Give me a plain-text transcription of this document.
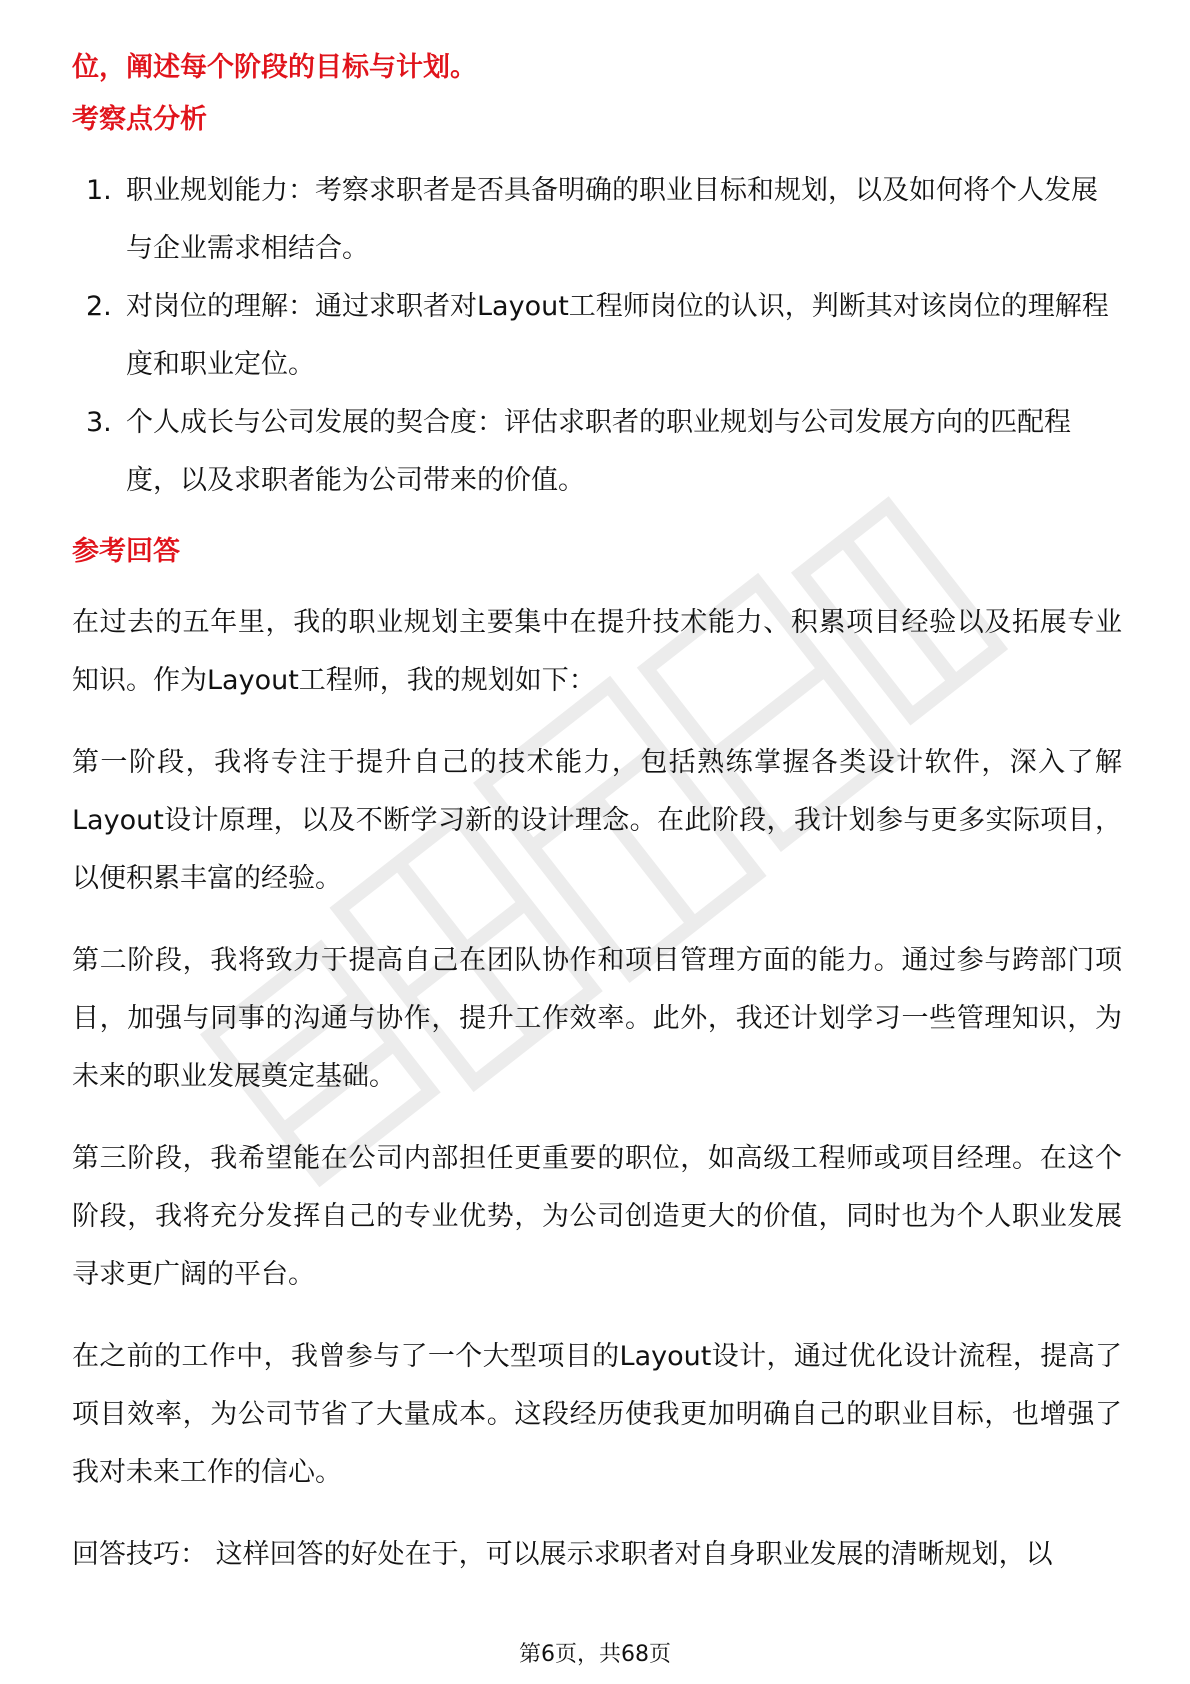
位，阐述每个阶段的目标与计划。

考察点分析

1. 职业规划能力：考察求职者是否具备明确的职业目标和规划，以及如何将个人发展与企业需求相结合。
2. 对岗位的理解：通过求职者对Layout工程师岗位的认识，判断其对该岗位的理解程度和职业定位。
3. 个人成长与公司发展的契合度：评估求职者的职业规划与公司发展方向的匹配程度，以及求职者能为公司带来的价值。

参考回答

在过去的五年里，我的职业规划主要集中在提升技术能力、积累项目经验以及拓展专业知识。作为Layout工程师，我的规划如下：

第一阶段，我将专注于提升自己的技术能力，包括熟练掌握各类设计软件，深入了解Layout设计原理，以及不断学习新的设计理念。在此阶段，我计划参与更多实际项目，以便积累丰富的经验。

第二阶段，我将致力于提高自己在团队协作和项目管理方面的能力。通过参与跨部门项目，加强与同事的沟通与协作，提升工作效率。此外，我还计划学习一些管理知识，为未来的职业发展奠定基础。

第三阶段，我希望能在公司内部担任更重要的职位，如高级工程师或项目经理。在这个阶段，我将充分发挥自己的专业优势，为公司创造更大的价值，同时也为个人职业发展寻求更广阔的平台。

在之前的工作中，我曾参与了一个大型项目的Layout设计，通过优化设计流程，提高了项目效率，为公司节省了大量成本。这段经历使我更加明确自己的职业目标，也增强了我对未来工作的信心。

回答技巧： 这样回答的好处在于，可以展示求职者对自身职业发展的清晰规划，以

第6页，共68页
